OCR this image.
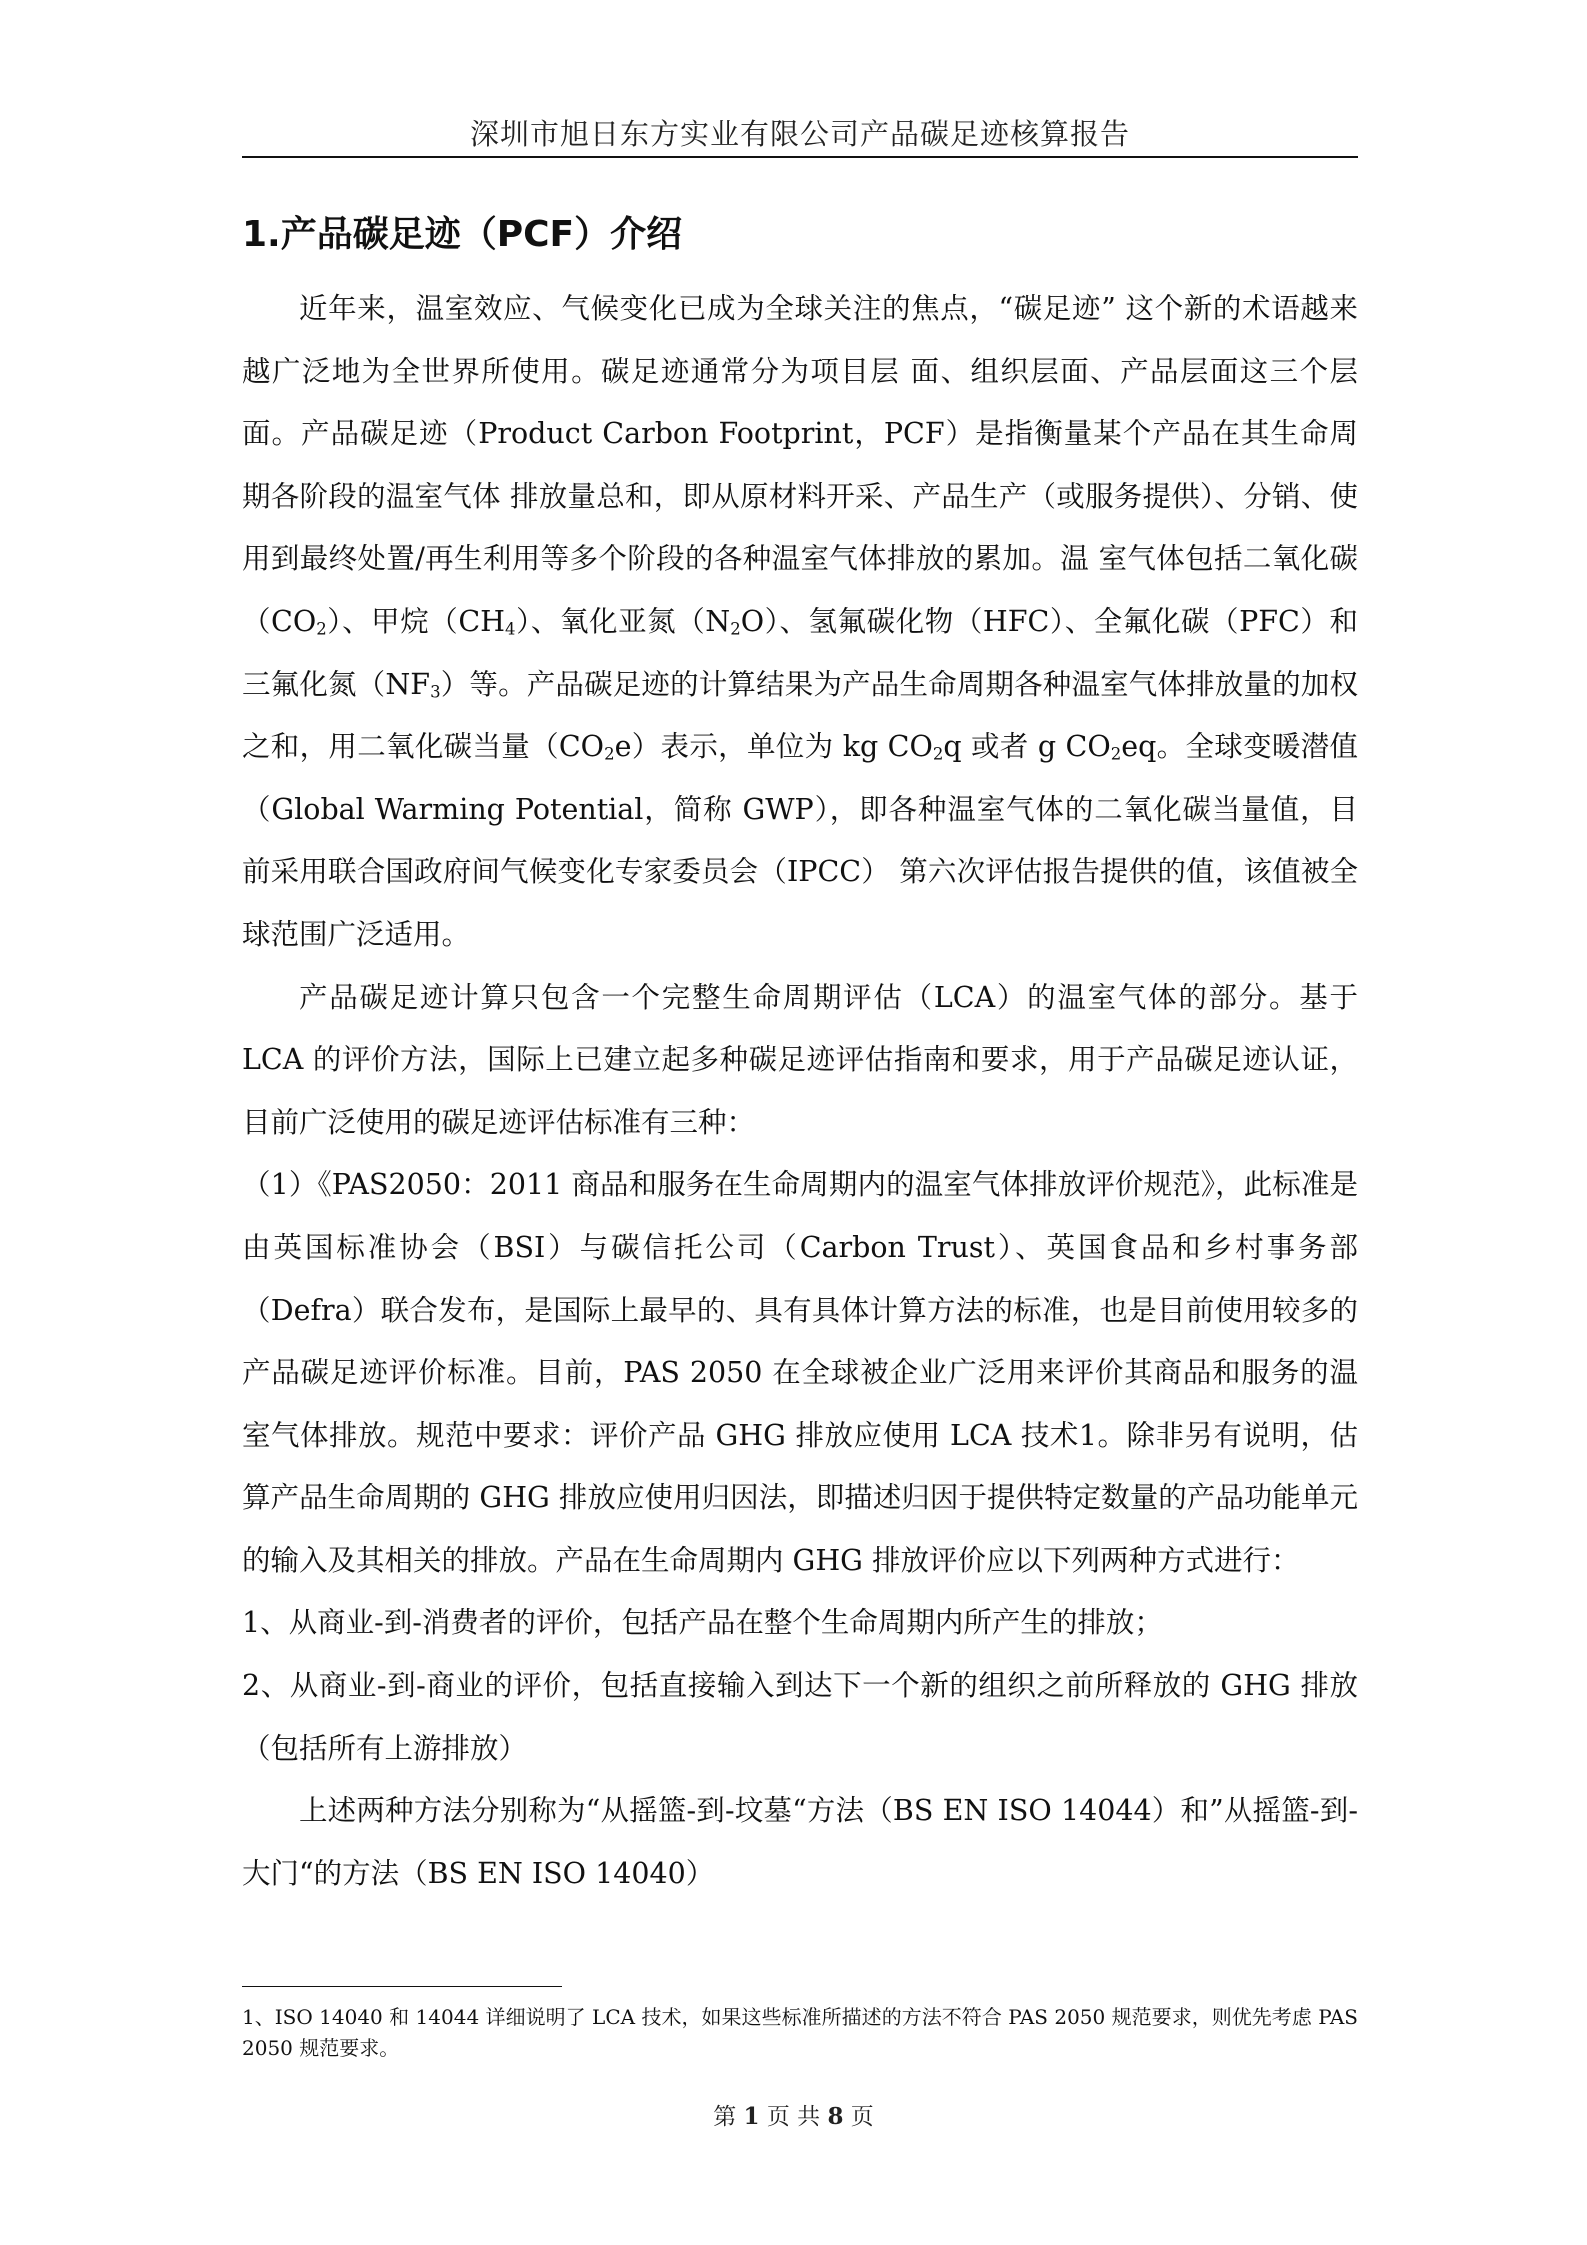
深圳市旭日东方实业有限公司产品碳足迹核算报告
1.产品碳足迹（PCF）介绍

近年来，温室效应、气候变化已成为全球关注的焦点，“碳足迹” 这个新的术语越来越广泛地为全世界所使用。碳足迹通常分为项目层 面、组织层面、产品层面这三个层面。产品碳足迹（Product Carbon Footprint，PCF）是指衡量某个产品在其生命周期各阶段的温室气体 排放量总和，即从原材料开采、产品生产（或服务提供）、分销、使 用到最终处置/再生利用等多个阶段的各种温室气体排放的累加。温 室气体包括二氧化碳$(CO_2)$、甲烷$(CH_4)$、氧化亚氮$(N_2O)$、氢氟碳化物（HFC）、全氟化碳（PFC）和三氟化氮$(NF_3)$等。产品碳足迹的计算结果为产品生命周期各种温室气体排放量的加权之和，用二氧化碳当量$(CO_2e)$表示，单位为 kg $CO_2q$ 或者 g $CO_2eq$。全球变暖潜值（Global Warming Potential，简称 GWP），即各种温室气体的二氧化碳当量值，目前采用联合国政府间气候变化专家委员会（IPCC） 第六次评估报告提供的值，该值被全球范围广泛适用。

产品碳足迹计算只包含一个完整生命周期评估（LCA）的温室气体的部分。基于 LCA 的评价方法，国际上已建立起多种碳足迹评估指南和要求，用于产品碳足迹认证，目前广泛使用的碳足迹评估标准有三种：

（1）《PAS2050：2011 商品和服务在生命周期内的温室气体排放评价规范》，此标准是由英国标准协会（BSI）与碳信托公司（Carbon Trust）、英国食品和乡村事务部（Defra）联合发布，是国际上最早的、具有具体计算方法的标准，也是目前使用较多的产品碳足迹评价标准。目前，PAS 2050 在全球被企业广泛用来评价其商品和服务的温室气体排放。规范中要求：评价产品 GHG 排放应使用 LCA 技术1。除非另有说明，估算产品生命周期的 GHG 排放应使用归因法，即描述归因于提供特定数量的产品功能单元的输入及其相关的排放。产品在生命周期内 GHG 排放评价应以下列两种方式进行：

1、从商业-到-消费者的评价，包括产品在整个生命周期内所产生的排放；

2、从商业-到-商业的评价，包括直接输入到达下一个新的组织之前所释放的 GHG 排放（包括所有上游排放）

上述两种方法分别称为“从摇篮-到-坟墓“方法（BS EN ISO 14044）和”从摇篮-到-大门“的方法（BS EN ISO 14040）

1、ISO 14040 和 14044 详细说明了 LCA 技术，如果这些标准所描述的方法不符合 PAS 2050 规范要求，则优先考虑 PAS 2050 规范要求。

第 1 页 共 8 页
